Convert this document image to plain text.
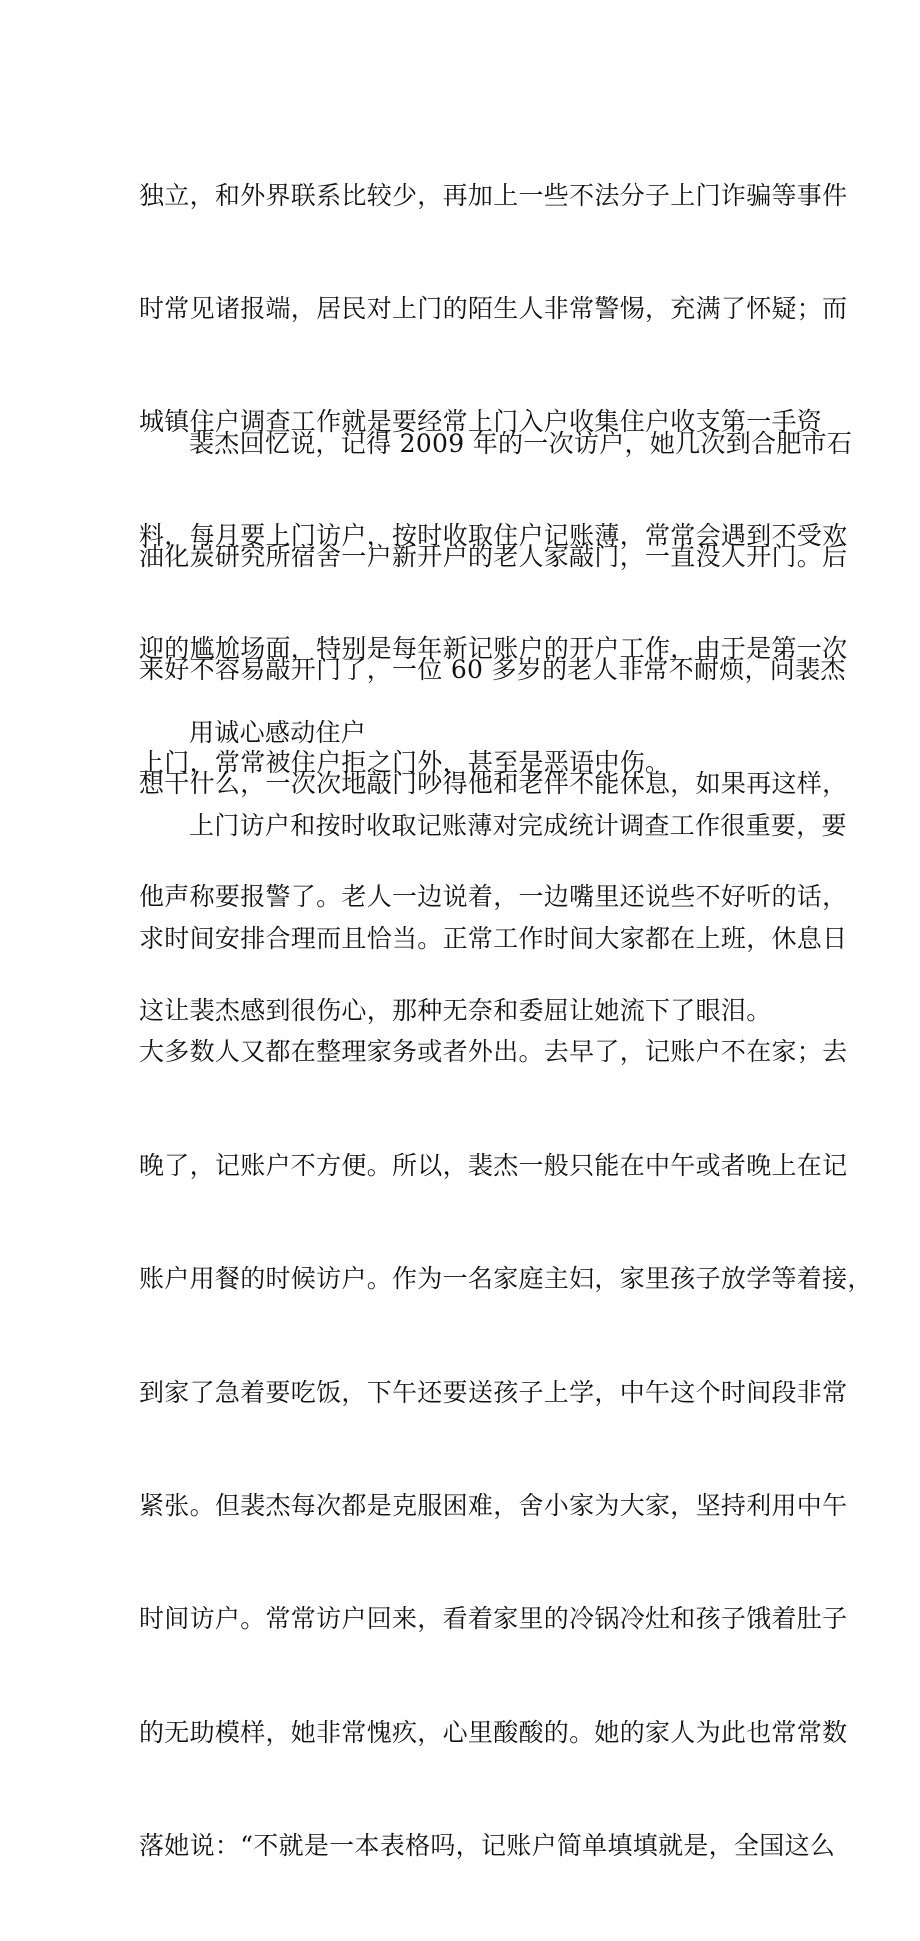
独立，和外界联系比较少，再加上一些不法分子上门诈骗等事件

时常见诸报端，居民对上门的陌生人非常警惕，充满了怀疑；而

城镇住户调查工作就是要经常上门入户收集住户收支第一手资

料，每月要上门访户，按时收取住户记账薄，常常会遇到不受欢

迎的尴尬场面，特别是每年新记账户的开户工作，由于是第一次

上门，常常被住户拒之门外，甚至是恶语中伤。

裴杰回忆说，记得 2009 年的一次访户，她几次到合肥市石

油化炭研究所宿舍一户新开户的老人家敲门，一直没人开门。后

来好不容易敲开门了，一位 60 多岁的老人非常不耐烦，问裴杰

想干什么，一次次地敲门吵得他和老伴不能休息，如果再这样，

他声称要报警了。老人一边说着，一边嘴里还说些不好听的话，

这让裴杰感到很伤心，那种无奈和委屈让她流下了眼泪。

用诚心感动住户

上门访户和按时收取记账薄对完成统计调查工作很重要，要

求时间安排合理而且恰当。正常工作时间大家都在上班，休息日

大多数人又都在整理家务或者外出。去早了，记账户不在家；去

晚了，记账户不方便。所以，裴杰一般只能在中午或者晚上在记

账户用餐的时候访户。作为一名家庭主妇，家里孩子放学等着接，

到家了急着要吃饭，下午还要送孩子上学，中午这个时间段非常

紧张。但裴杰每次都是克服困难，舍小家为大家，坚持利用中午

时间访户。常常访户回来，看着家里的冷锅冷灶和孩子饿着肚子

的无助模样，她非常愧疚，心里酸酸的。她的家人为此也常常数

落她说：“不就是一本表格吗，记账户简单填填就是，全国这么
